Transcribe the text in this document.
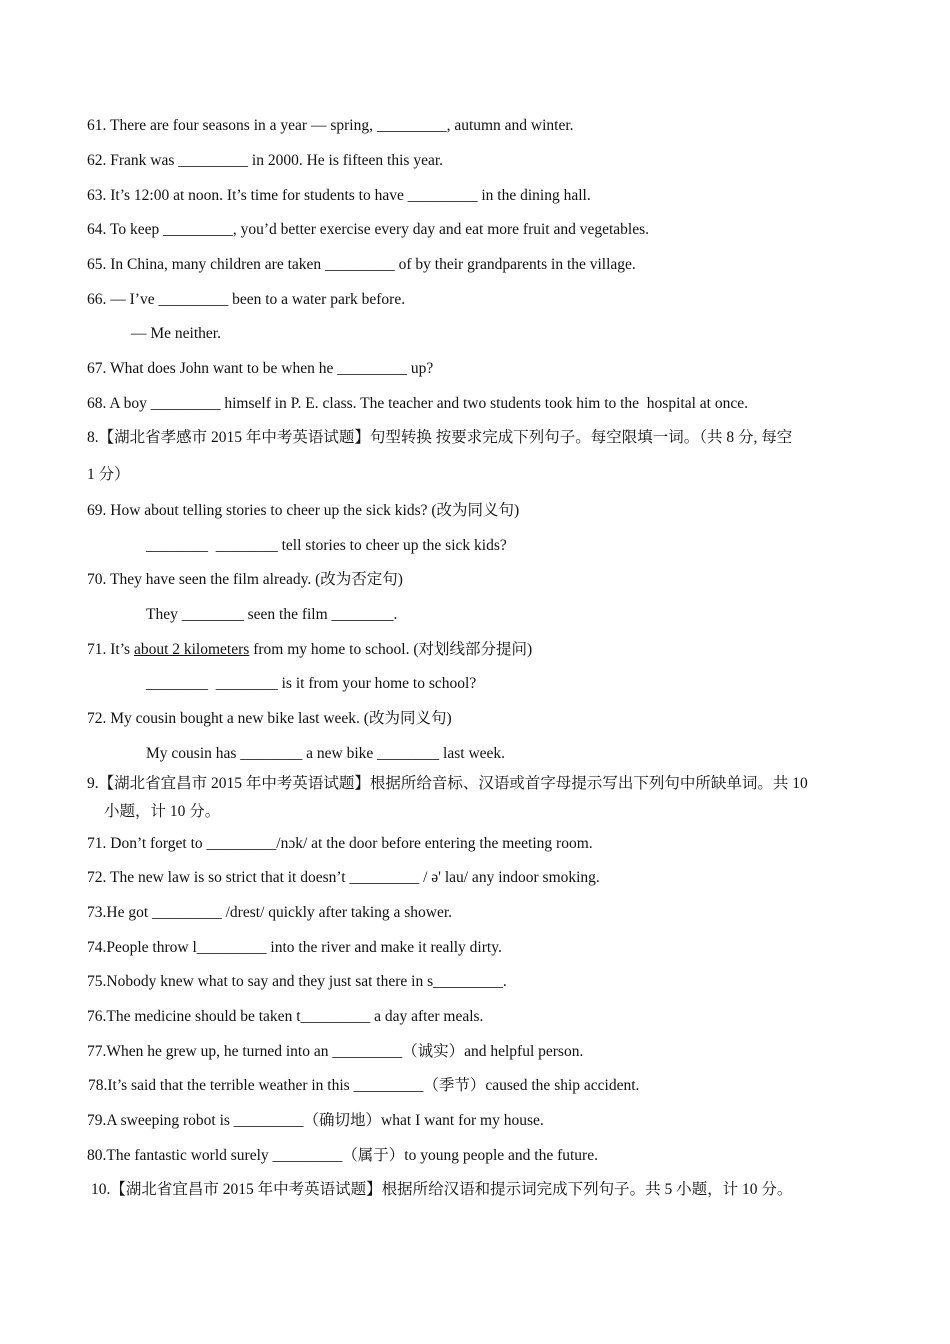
61. There are four seasons in a year — spring, _________, autumn and winter.
62. Frank was _________ in 2000. He is fifteen this year.
63. It’s 12:00 at noon. It’s time for students to have _________ in the dining hall.
64. To keep _________, you’d better exercise every day and eat more fruit and vegetables.
65. In China, many children are taken _________ of by their grandparents in the village.
66. — I’ve _________ been to a water park before.
— Me neither.
67. What does John want to be when he _________ up?
68. A boy _________ himself in P. E. class. The teacher and two students took him to the  hospital at once.
8.【湖北省孝感市 2015 年中考英语试题】句型转换 按要求完成下列句子。每空限填一词。（共 8 分, 每空
1 分）
69. How about telling stories to cheer up the sick kids? (改为同义句)
________  ________ tell stories to cheer up the sick kids?
70. They have seen the film already. (改为否定句)
They ________ seen the film ________.
71. It’s about 2 kilometers from my home to school. (对划线部分提问)
________  ________ is it from your home to school?
72. My cousin bought a new bike last week. (改为同义句)
My cousin has ________ a new bike ________ last week.
9.【湖北省宜昌市 2015 年中考英语试题】根据所给音标、汉语或首字母提示写出下列句中所缺单词。共 10
小题，计 10 分。
71. Don’t forget to _________/nɔk/ at the door before entering the meeting room.
72. The new law is so strict that it doesn’t _________ / ə' lau/ any indoor smoking.
73.He got _________ /drest/ quickly after taking a shower.
74.People throw l_________ into the river and make it really dirty.
75.Nobody knew what to say and they just sat there in s_________.
76.The medicine should be taken t_________ a day after meals.
77.When he grew up, he turned into an _________（诚实）and helpful person.
78.It’s said that the terrible weather in this _________（季节）caused the ship accident.
79.A sweeping robot is _________（确切地）what I want for my house.
80.The fantastic world surely _________（属于）to young people and the future.
10.【湖北省宜昌市 2015 年中考英语试题】根据所给汉语和提示词完成下列句子。共 5 小题，计 10 分。
